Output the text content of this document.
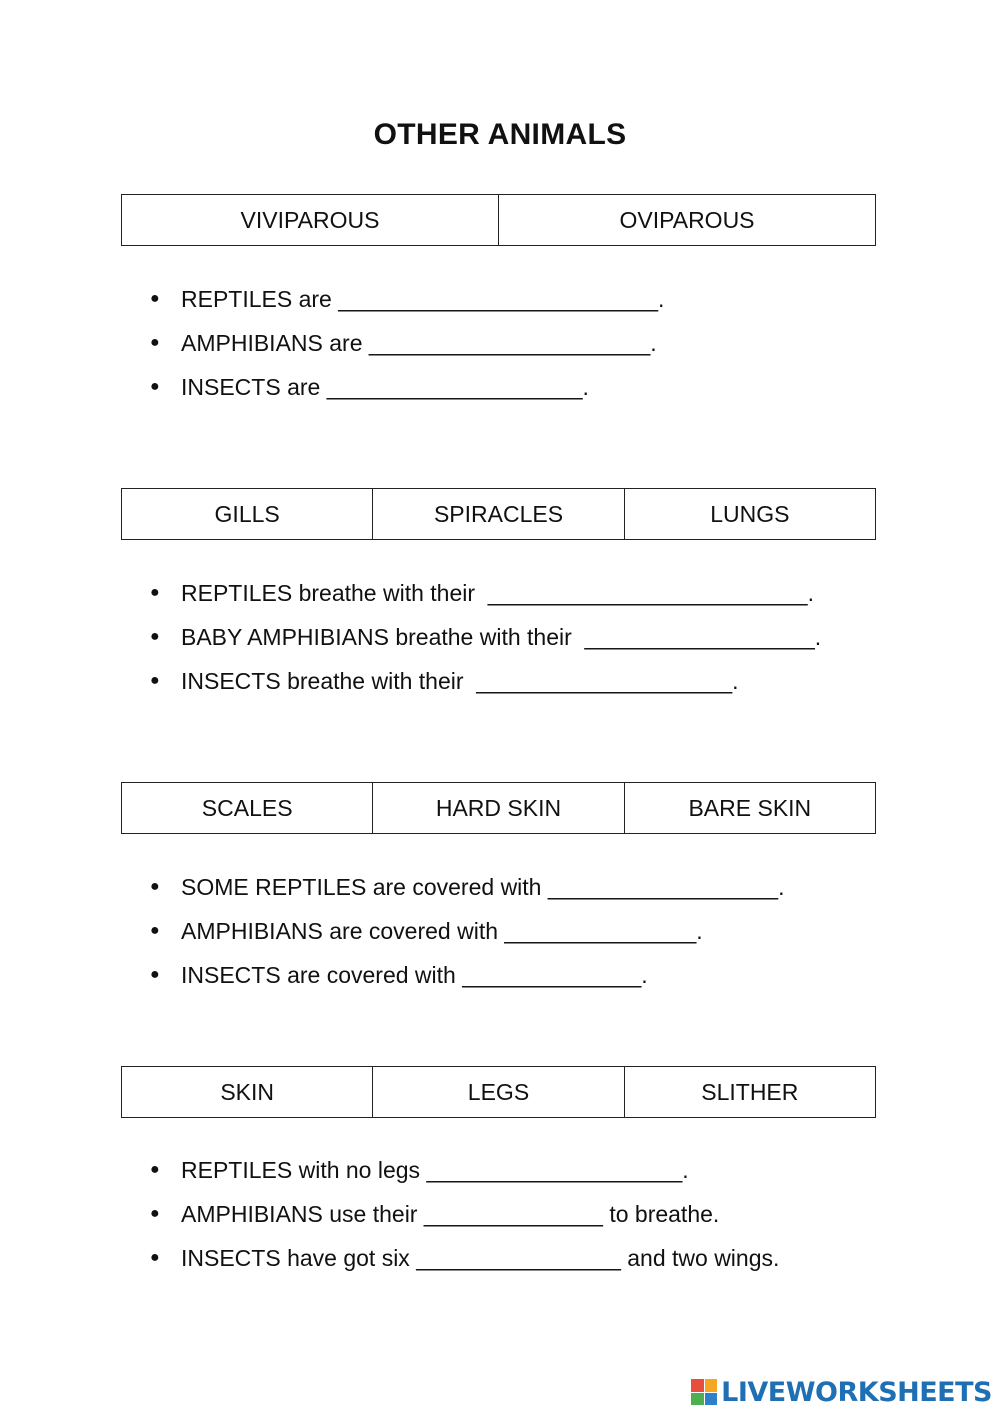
OTHER ANIMALS
VIVIPAROUS	OVIPAROUS
● REPTILES are _________________________.
● AMPHIBIANS are ______________________.
● INSECTS are ____________________.
GILLS	SPIRACLES	LUNGS
● REPTILES breathe with their  _________________________.
● BABY AMPHIBIANS breathe with their  __________________.
● INSECTS breathe with their  ____________________.
SCALES	HARD SKIN	BARE SKIN
● SOME REPTILES are covered with __________________.
● AMPHIBIANS are covered with _______________.
● INSECTS are covered with ______________.
SKIN	LEGS	SLITHER
● REPTILES with no legs ____________________.
● AMPHIBIANS use their ______________ to breathe.
● INSECTS have got six ________________ and two wings.
LIVEWORKSHEETS
